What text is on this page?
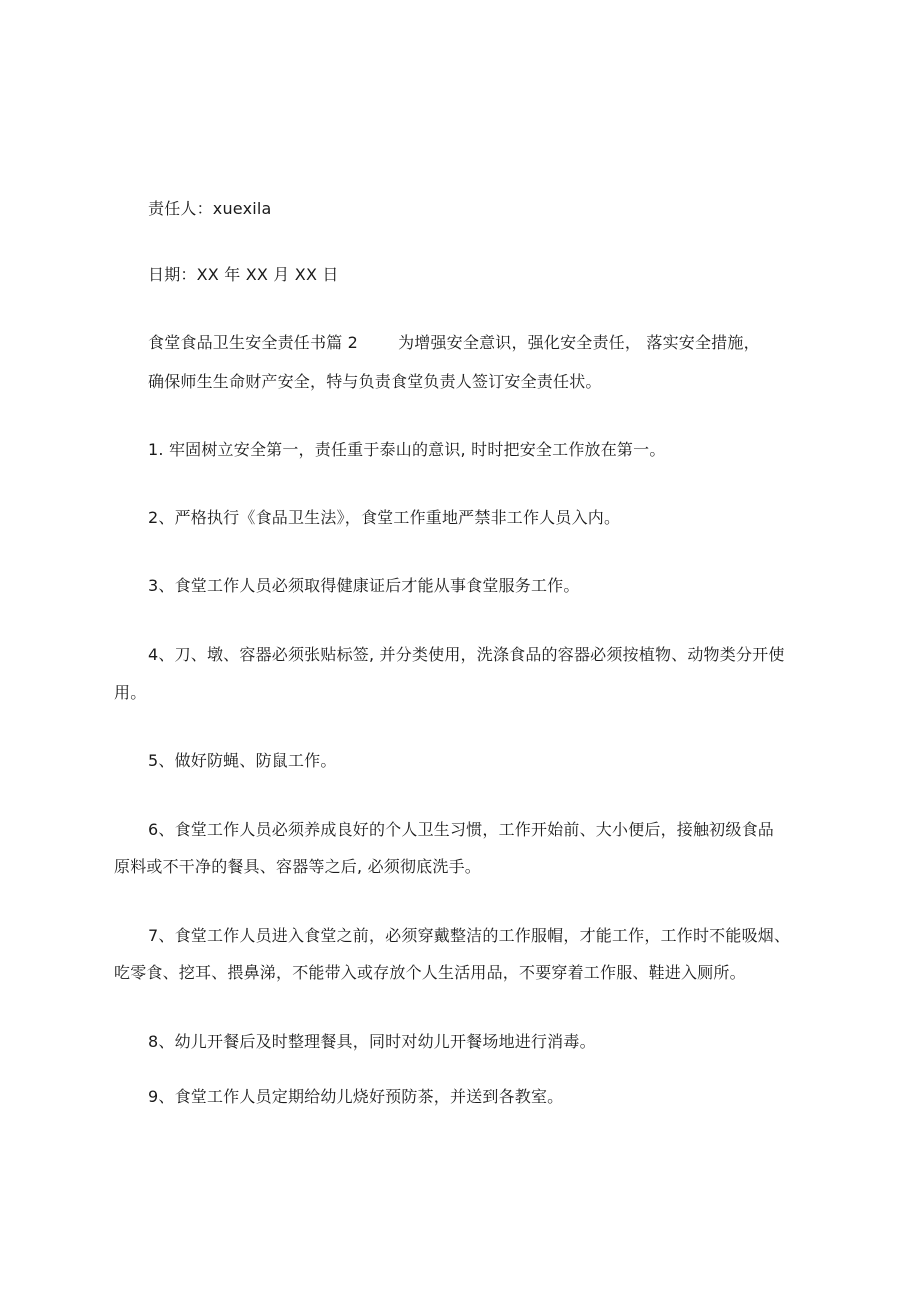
责任人：xuexila
日期：XX 年 XX 月 XX 日
食堂食品卫生安全责任书篇 2	为增强安全意识，强化安全责任， 落实安全措施，
确保师生生命财产安全，特与负责食堂负责人签订安全责任状。
1. 牢固树立安全第一，责任重于泰山的意识, 时时把安全工作放在第一。
2、严格执行《食品卫生法》，食堂工作重地严禁非工作人员入内。
3、食堂工作人员必须取得健康证后才能从事食堂服务工作。
4、刀、墩、容器必须张贴标签, 并分类使用，洗涤食品的容器必须按植物、动物类分开使
用。
5、做好防蝇、防鼠工作。
6、食堂工作人员必须养成良好的个人卫生习惯，工作开始前、大小便后，接触初级食品
原料或不干净的餐具、容器等之后, 必须彻底洗手。
7、食堂工作人员进入食堂之前，必须穿戴整洁的工作服帽，才能工作，工作时不能吸烟、
吃零食、挖耳、揋鼻涕，不能带入或存放个人生活用品，不要穿着工作服、鞋进入厕所。
8、幼儿开餐后及时整理餐具，同时对幼儿开餐场地进行消毒。
9、食堂工作人员定期给幼儿烧好预防茶，并送到各教室。
